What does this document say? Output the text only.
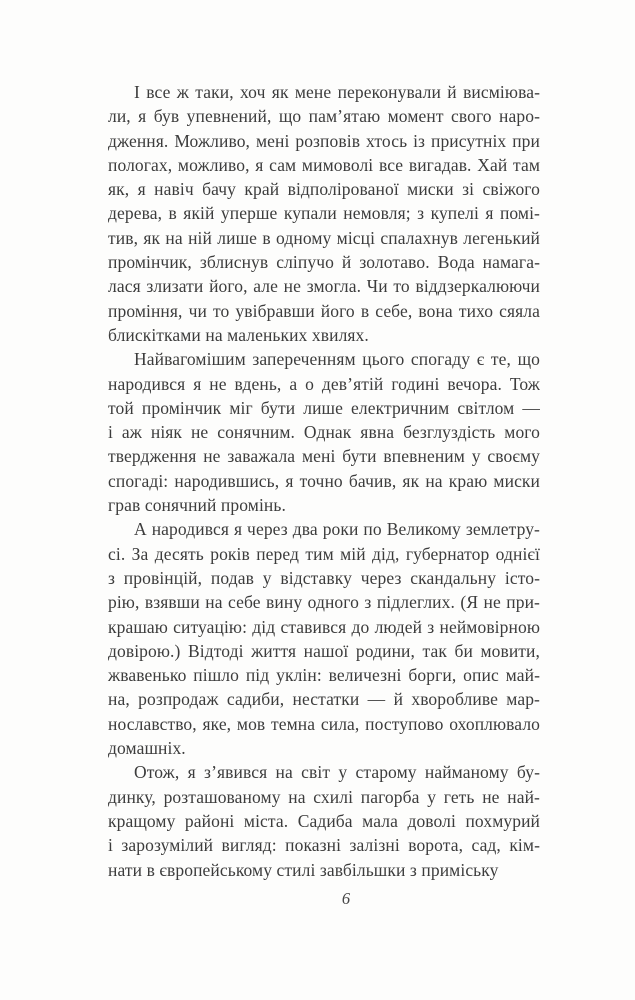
І все ж таки, хоч як мене переконували й висміюва-
ли, я був упевнений, що пам’ятаю момент свого наро-
дження. Можливо, мені розповів хтось із присутніх при
пологах, можливо, я сам мимоволі все вигадав. Хай там
як, я навіч бачу край відполірованої миски зі свіжого
дерева, в якій уперше купали немовля; з купелі я помі-
тив, як на ній лише в одному місці спалахнув легенький
промінчик, зблиснув сліпучо й золотаво. Вода намага-
лася злизати його, але не змогла. Чи то віддзеркалюючи
проміння, чи то увібравши його в себе, вона тихо сяяла
блискітками на маленьких хвилях.

Найвагомішим запереченням цього спогаду є те, що
народився я не вдень, а о дев’ятій годині вечора. Тож
той промінчик міг бути лише електричним світлом —
і аж ніяк не сонячним. Однак явна безглуздість мого
твердження не заважала мені бути впевненим у своєму
спогаді: народившись, я точно бачив, як на краю миски
грав сонячний промінь.

А народився я через два роки по Великому землетру-
сі. За десять років перед тим мій дід, губернатор однієї
з провінцій, подав у відставку через скандальну істо-
рію, взявши на себе вину одного з підлеглих. (Я не при-
крашаю ситуацію: дід ставився до людей з неймовірною
довірою.) Відтоді життя нашої родини, так би мовити,
жвавенько пішло під уклін: величезні борги, опис май-
на, розпродаж садиби, нестатки — й хворобливе мар-
нославство, яке, мов темна сила, поступово охоплювало
домашніх.

Отож, я з’явився на світ у старому найманому бу-
динку, розташованому на схилі пагорба у геть не най-
кращому районі міста. Садиба мала доволі похмурий
і зарозумілий вигляд: показні залізні ворота, сад, кім-
нати в європейському стилі завбільшки з приміську

6
